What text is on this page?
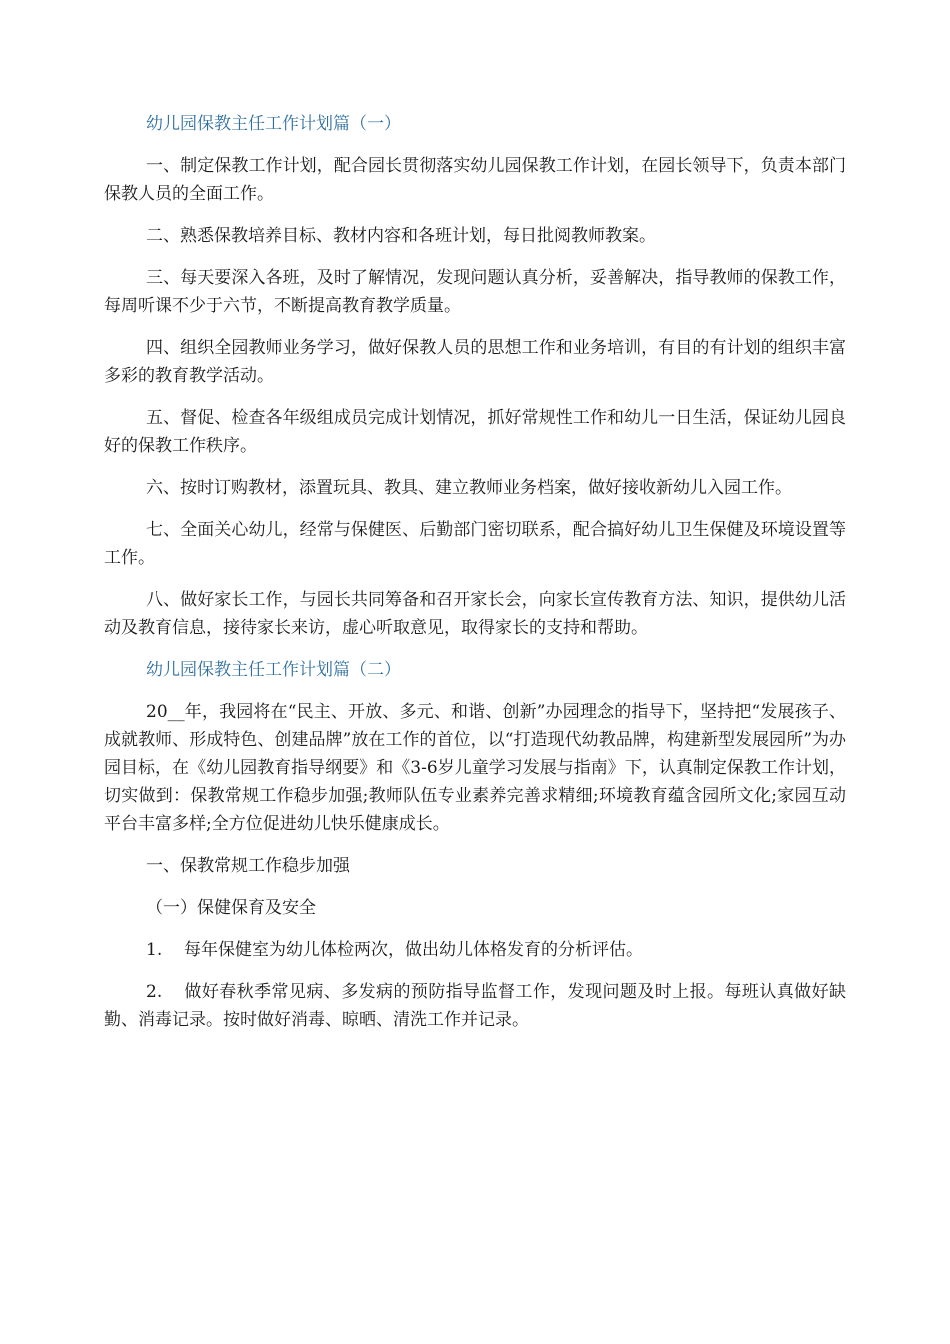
幼儿园保教主任工作计划篇（一）

一、制定保教工作计划，配合园长贯彻落实幼儿园保教工作计划，在园长领导下，负责本部门保教人员的全面工作。

二、熟悉保教培养目标、教材内容和各班计划，每日批阅教师教案。

三、每天要深入各班，及时了解情况，发现问题认真分析，妥善解决，指导教师的保教工作，每周听课不少于六节，不断提高教育教学质量。

四、组织全园教师业务学习，做好保教人员的思想工作和业务培训，有目的有计划的组织丰富多彩的教育教学活动。

五、督促、检查各年级组成员完成计划情况，抓好常规性工作和幼儿一日生活，保证幼儿园良好的保教工作秩序。

六、按时订购教材，添置玩具、教具、建立教师业务档案，做好接收新幼儿入园工作。

七、全面关心幼儿，经常与保健医、后勤部门密切联系，配合搞好幼儿卫生保健及环境设置等工作。

八、做好家长工作，与园长共同筹备和召开家长会，向家长宣传教育方法、知识，提供幼儿活动及教育信息，接待家长来访，虚心听取意见，取得家长的支持和帮助。

幼儿园保教主任工作计划篇（二）

20__年，我园将在“民主、开放、多元、和谐、创新”办园理念的指导下，坚持把“发展孩子、成就教师、形成特色、创建品牌”放在工作的首位，以“打造现代幼教品牌，构建新型发展园所”为办园目标，在《幼儿园教育指导纲要》和《3-6岁儿童学习发展与指南》下，认真制定保教工作计划，切实做到：保教常规工作稳步加强;教师队伍专业素养完善求精细;环境教育蕴含园所文化;家园互动平台丰富多样;全方位促进幼儿快乐健康成长。

一、保教常规工作稳步加强

（一）保健保育及安全

1. 每年保健室为幼儿体检两次，做出幼儿体格发育的分析评估。

2. 做好春秋季常见病、多发病的预防指导监督工作，发现问题及时上报。每班认真做好缺勤、消毒记录。按时做好消毒、晾晒、清洗工作并记录。
